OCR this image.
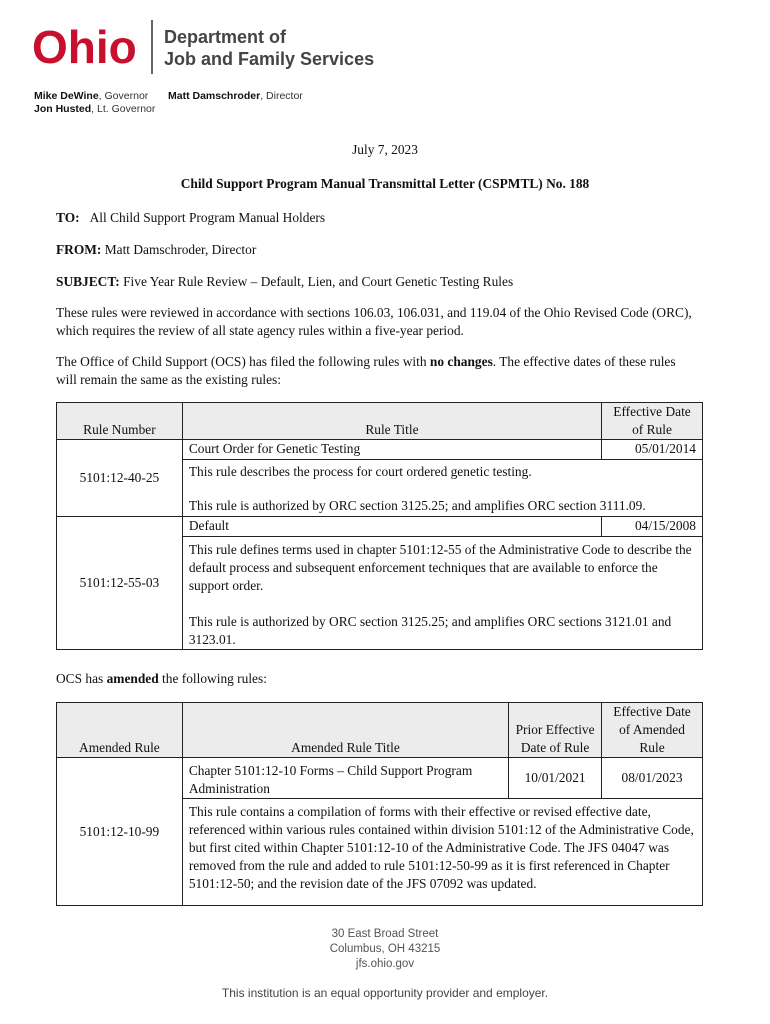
Ohio Department of
Job and Family Services
Mike DeWine, Governor
Jon Husted, Lt. Governor
Matt Damschroder, Director
July 7, 2023
Child Support Program Manual Transmittal Letter (CSPMTL) No. 188
TO: All Child Support Program Manual Holders
FROM: Matt Damschroder, Director
SUBJECT: Five Year Rule Review – Default, Lien, and Court Genetic Testing Rules
These rules were reviewed in accordance with sections 106.03, 106.031, and 119.04 of the Ohio Revised Code (ORC), which requires the review of all state agency rules within a five-year period.
The Office of Child Support (OCS) has filed the following rules with no changes. The effective dates of these rules will remain the same as the existing rules:
Rule Number	Rule Title	Effective Date of Rule
5101:12-40-25	Court Order for Genetic Testing	05/01/2014

	This rule describes the process for court ordered genetic testing.
This rule is authorized by ORC section 3125.25; and amplifies ORC section 3111.09.	

5101:12-55-03	Default	04/15/2008

	This rule defines terms used in chapter 5101:12-55 of the Administrative Code to describe the default process and subsequent enforcement techniques that are available to enforce the support order.
This rule is authorized by ORC section 3125.25; and amplifies ORC sections 3121.01 and 3123.01.	
OCS has amended the following rules:
Amended Rule	Amended Rule Title	Prior Effective Date of Rule	Effective Date of Amended Rule
5101:12-10-99	Chapter 5101:12-10 Forms – Child Support Program Administration	10/01/2021	08/01/2023
	This rule contains a compilation of forms with their effective or revised effective date, referenced within various rules contained within division 5101:12 of the Administrative Code, but first cited within Chapter 5101:12-10 of the Administrative Code. The JFS 04047 was removed from the rule and added to rule 5101:12-50-99 as it is first referenced in Chapter 5101:12-50; and the revision date of the JFS 07092 was updated.		
30 East Broad Street
Columbus, OH 43215
jfs.ohio.gov
This institution is an equal opportunity provider and employer.
